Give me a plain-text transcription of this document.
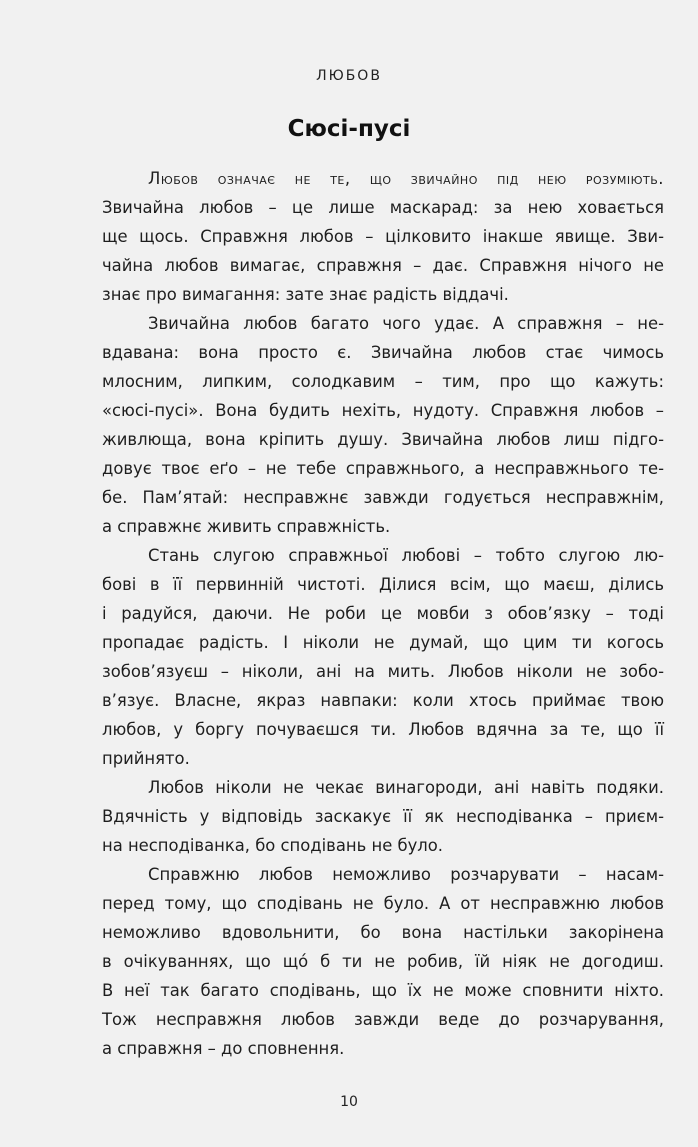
ЛЮБОВ
Сюсі-пусі
Любов означає не те, що звичайно під нею розуміють.
Звичайна любов – це лише маскарад: за нею ховається
ще щось. Справжня любов – цілковито інакше явище. Зви-
чайна любов вимагає, справжня – дає. Справжня нічого не
знає про вимагання: зате знає радість віддачі.
Звичайна любов багато чого удає. А справжня – не-
вдавана: вона просто є. Звичайна любов стає чимось
млосним, липким, солодкавим – тим, про що кажуть:
«сюсі-пусі». Вона будить нехіть, нудоту. Справжня любов –
живлюща, вона кріпить душу. Звичайна любов лиш підго-
довує твоє еґо – не тебе справжнього, а несправжнього те-
бе. Пам’ятай: несправжнє завжди годується несправжнім,
а справжнє живить справжність.
Стань слугою справжньої любові – тобто слугою лю-
бові в її первинній чистоті. Ділися всім, що маєш, ділись
і радуйся, даючи. Не роби це мовби з обов’язку – тоді
пропадає радість. І ніколи не думай, що цим ти когось
зобов’язуєш – ніколи, ані на мить. Любов ніколи не зобо-
в’язує. Власне, якраз навпаки: коли хтось приймає твою
любов, у боргу почуваєшся ти. Любов вдячна за те, що її
прийнято.
Любов ніколи не чекає винагороди, ані навіть подяки.
Вдячність у відповідь заскакує її як несподіванка – приєм-
на несподіванка, бо сподівань не було.
Справжню любов неможливо розчарувати – насам-
перед тому, що сподівань не було. А от несправжню любов
неможливо вдовольнити, бо вона настільки закорінена
в очікуваннях, що щó б ти не робив, їй ніяк не догодиш.
В неї так багато сподівань, що їх не може сповнити ніхто.
Тож несправжня любов завжди веде до розчарування,
а справжня – до сповнення.
10
